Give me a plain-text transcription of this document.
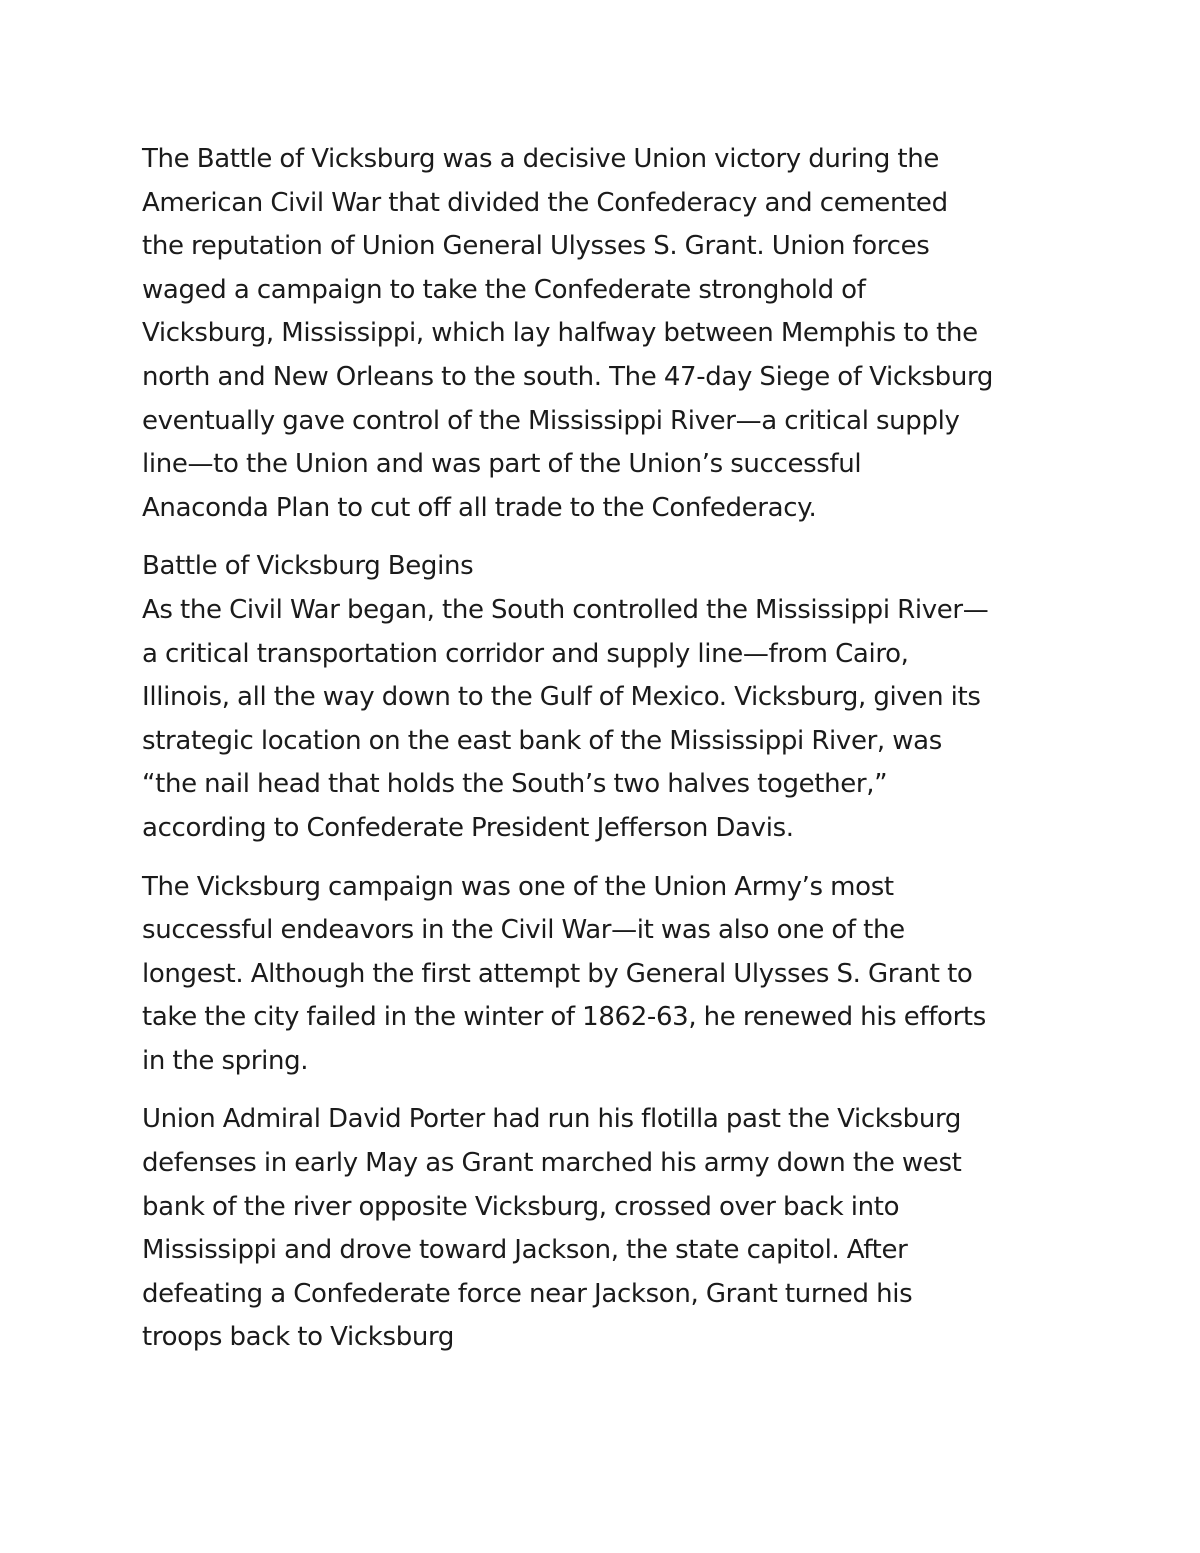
The Battle of Vicksburg was a decisive Union victory during the
American Civil War that divided the Confederacy and cemented
the reputation of Union General Ulysses S. Grant. Union forces
waged a campaign to take the Confederate stronghold of
Vicksburg, Mississippi, which lay halfway between Memphis to the
north and New Orleans to the south. The 47-day Siege of Vicksburg
eventually gave control of the Mississippi River—a critical supply
line—to the Union and was part of the Union’s successful
Anaconda Plan to cut off all trade to the Confederacy.

Battle of Vicksburg Begins

As the Civil War began, the South controlled the Mississippi River—
a critical transportation corridor and supply line—from Cairo,
Illinois, all the way down to the Gulf of Mexico. Vicksburg, given its
strategic location on the east bank of the Mississippi River, was
“the nail head that holds the South’s two halves together,”
according to Confederate President Jefferson Davis.

The Vicksburg campaign was one of the Union Army’s most
successful endeavors in the Civil War—it was also one of the
longest. Although the first attempt by General Ulysses S. Grant to
take the city failed in the winter of 1862-63, he renewed his efforts
in the spring.

Union Admiral David Porter had run his flotilla past the Vicksburg
defenses in early May as Grant marched his army down the west
bank of the river opposite Vicksburg, crossed over back into
Mississippi and drove toward Jackson, the state capitol. After
defeating a Confederate force near Jackson, Grant turned his
troops back to Vicksburg
